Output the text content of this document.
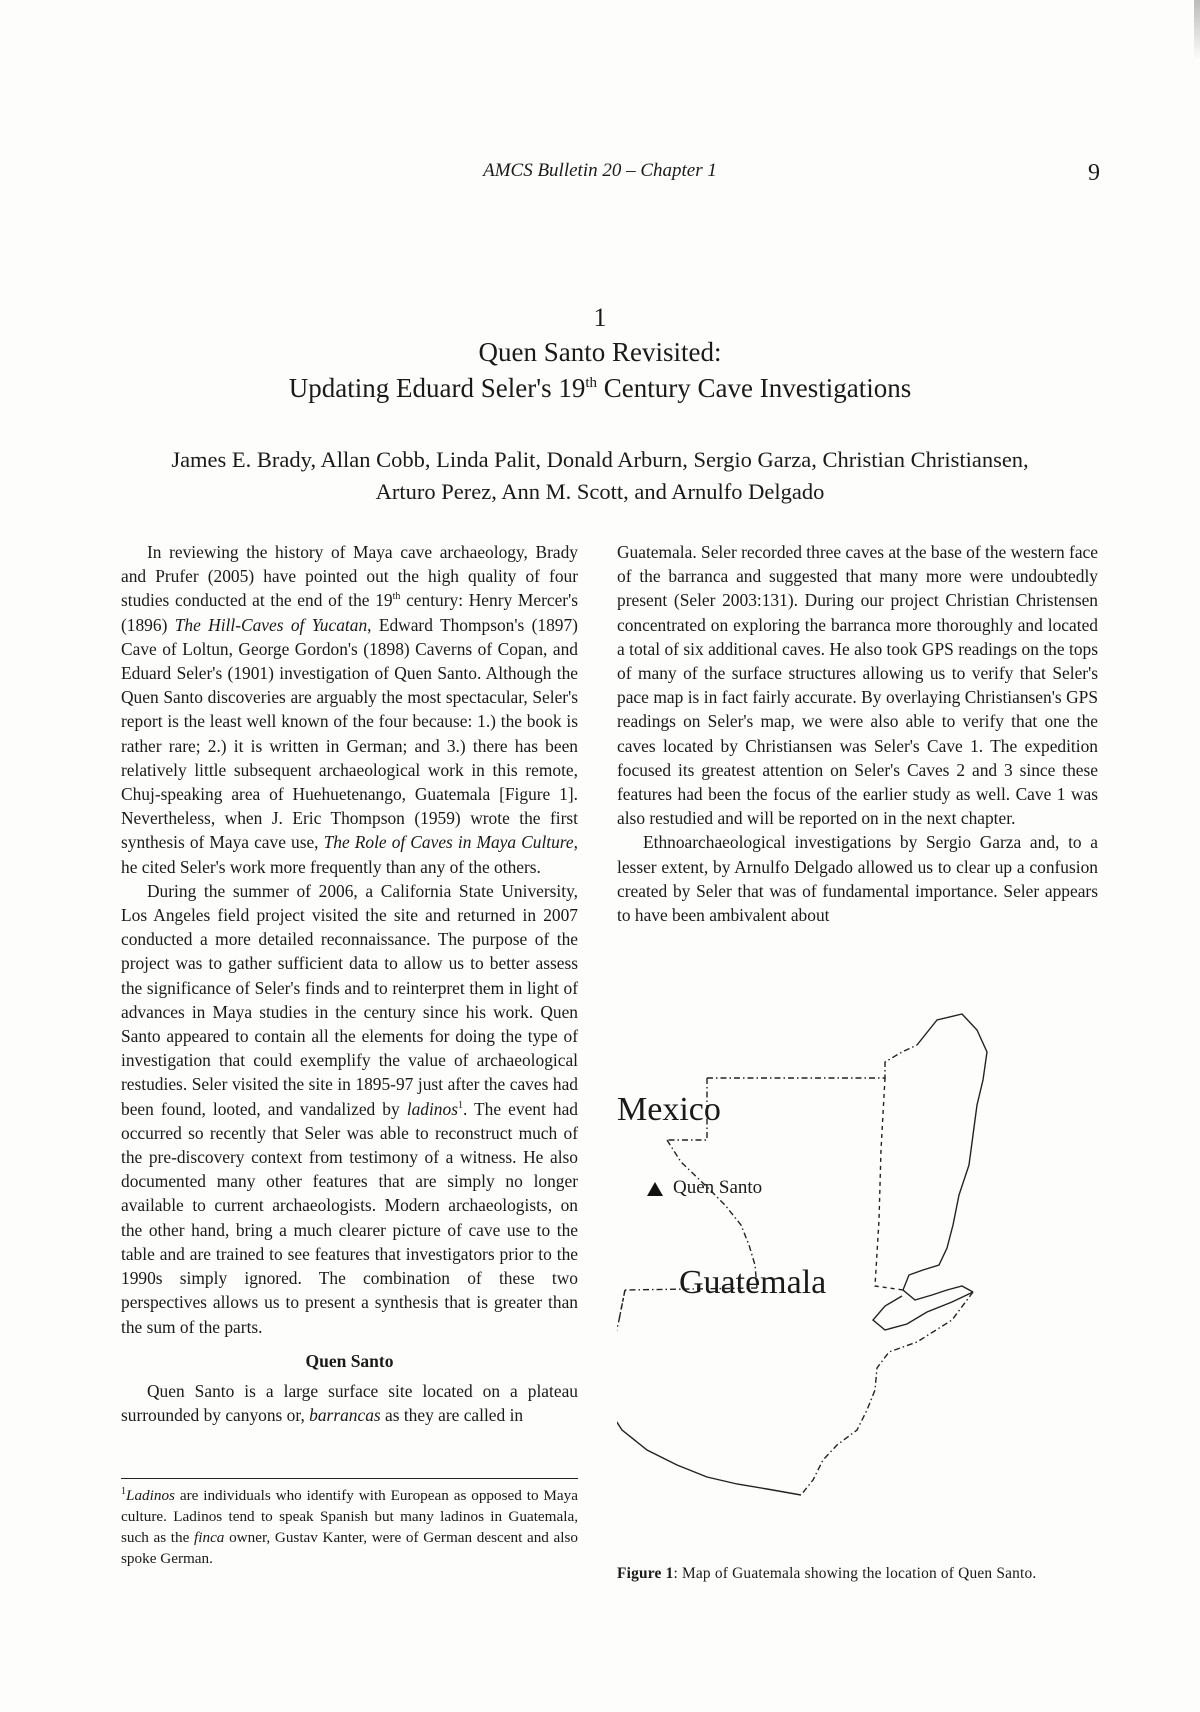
AMCS Bulletin 20 – Chapter 1	9
1
Quen Santo Revisited:
Updating Eduard Seler's 19th Century Cave Investigations
James E. Brady, Allan Cobb, Linda Palit, Donald Arburn, Sergio Garza, Christian Christiansen,
Arturo Perez, Ann M. Scott, and Arnulfo Delgado

In reviewing the history of Maya cave archaeology, Brady and Prufer (2005) have pointed out the high quality of four studies conducted at the end of the 19th century: Henry Mercer's (1896) The Hill-Caves of Yucatan, Edward Thompson's (1897) Cave of Loltun, George Gordon's (1898) Caverns of Copan, and Eduard Seler's (1901) investigation of Quen Santo. Although the Quen Santo discoveries are arguably the most spectacular, Seler's report is the least well known of the four because: 1.) the book is rather rare; 2.) it is written in German; and 3.) there has been relatively little subsequent archaeological work in this remote, Chuj-speaking area of Huehuetenango, Guatemala [Figure 1]. Nevertheless, when J. Eric Thompson (1959) wrote the first synthesis of Maya cave use, The Role of Caves in Maya Culture, he cited Seler's work more frequently than any of the others.

During the summer of 2006, a California State University, Los Angeles field project visited the site and returned in 2007 conducted a more detailed reconnaissance. The purpose of the project was to gather sufficient data to allow us to better assess the significance of Seler's finds and to reinterpret them in light of advances in Maya studies in the century since his work. Quen Santo appeared to contain all the elements for doing the type of investigation that could exemplify the value of archaeological restudies. Seler visited the site in 1895-97 just after the caves had been found, looted, and vandalized by ladinos$^1$. The event had occurred so recently that Seler was able to reconstruct much of the pre-discovery context from testimony of a witness. He also documented many other features that are simply no longer available to current archaeologists. Modern archaeologists, on the other hand, bring a much clearer picture of cave use to the table and are trained to see features that investigators prior to the 1990s simply ignored. The combination of these two perspectives allows us to present a synthesis that is greater than the sum of the parts.

Quen Santo

Quen Santo is a large surface site located on a plateau surrounded by canyons or, barrancas as they are called in

$^1$Ladinos are individuals who identify with European as opposed to Maya culture. Ladinos tend to speak Spanish but many ladinos in Guatemala, such as the finca owner, Gustav Kanter, were of German descent and also spoke German.

Guatemala. Seler recorded three caves at the base of the western face of the barranca and suggested that many more were undoubtedly present (Seler 2003:131). During our project Christian Christensen concentrated on exploring the barranca more thoroughly and located a total of six additional caves. He also took GPS readings on the tops of many of the surface structures allowing us to verify that Seler's pace map is in fact fairly accurate. By overlaying Christiansen's GPS readings on Seler's map, we were also able to verify that one the caves located by Christiansen was Seler's Cave 1. The expedition focused its greatest attention on Seler's Caves 2 and 3 since these features had been the focus of the earlier study as well. Cave 1 was also restudied and will be reported on in the next chapter.

Ethnoarchaeological investigations by Sergio Garza and, to a lesser extent, by Arnulfo Delgado allowed us to clear up a confusion created by Seler that was of fundamental importance. Seler appears to have been ambivalent about

Mexico
Quen Santo
Guatemala
Figure 1: Map of Guatemala showing the location of Quen Santo.
